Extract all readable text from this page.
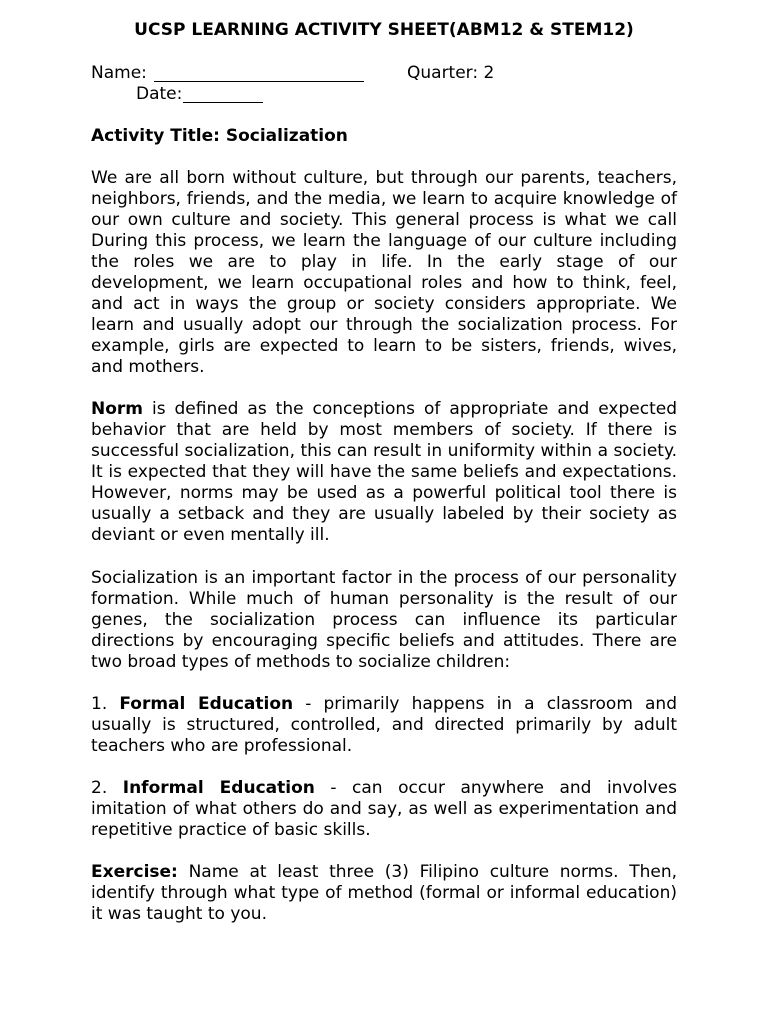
UCSP LEARNING ACTIVITY SHEET(ABM12 & STEM12)
Name:	Quarter: 2
Date:
Activity Title: Socialization

We are all born without culture, but through our parents, teachers, neighbors, friends, and the media, we learn to acquire knowledge of our own culture and society. This general process is what we call During this process, we learn the language of our culture including the roles we are to play in life. In the early stage of our development, we learn occupational roles and how to think, feel, and act in ways the group or society considers appropriate. We learn and usually adopt our through the socialization process. For example, girls are expected to learn to be sisters, friends, wives, and mothers.

Norm is defined as the conceptions of appropriate and expected behavior that are held by most members of society. If there is successful socialization, this can result in uniformity within a society. It is expected that they will have the same beliefs and expectations. However, norms may be used as a powerful political tool there is usually a setback and they are usually labeled by their society as deviant or even mentally ill.

Socialization is an important factor in the process of our personality formation. While much of human personality is the result of our genes, the socialization process can influence its particular directions by encouraging specific beliefs and attitudes. There are two broad types of methods to socialize children:

1. Formal Education - primarily happens in a classroom and usually is structured, controlled, and directed primarily by adult teachers who are professional.

2. Informal Education - can occur anywhere and involves imitation of what others do and say, as well as experimentation and repetitive practice of basic skills.

Exercise: Name at least three (3) Filipino culture norms. Then, identify through what type of method (formal or informal education) it was taught to you.
